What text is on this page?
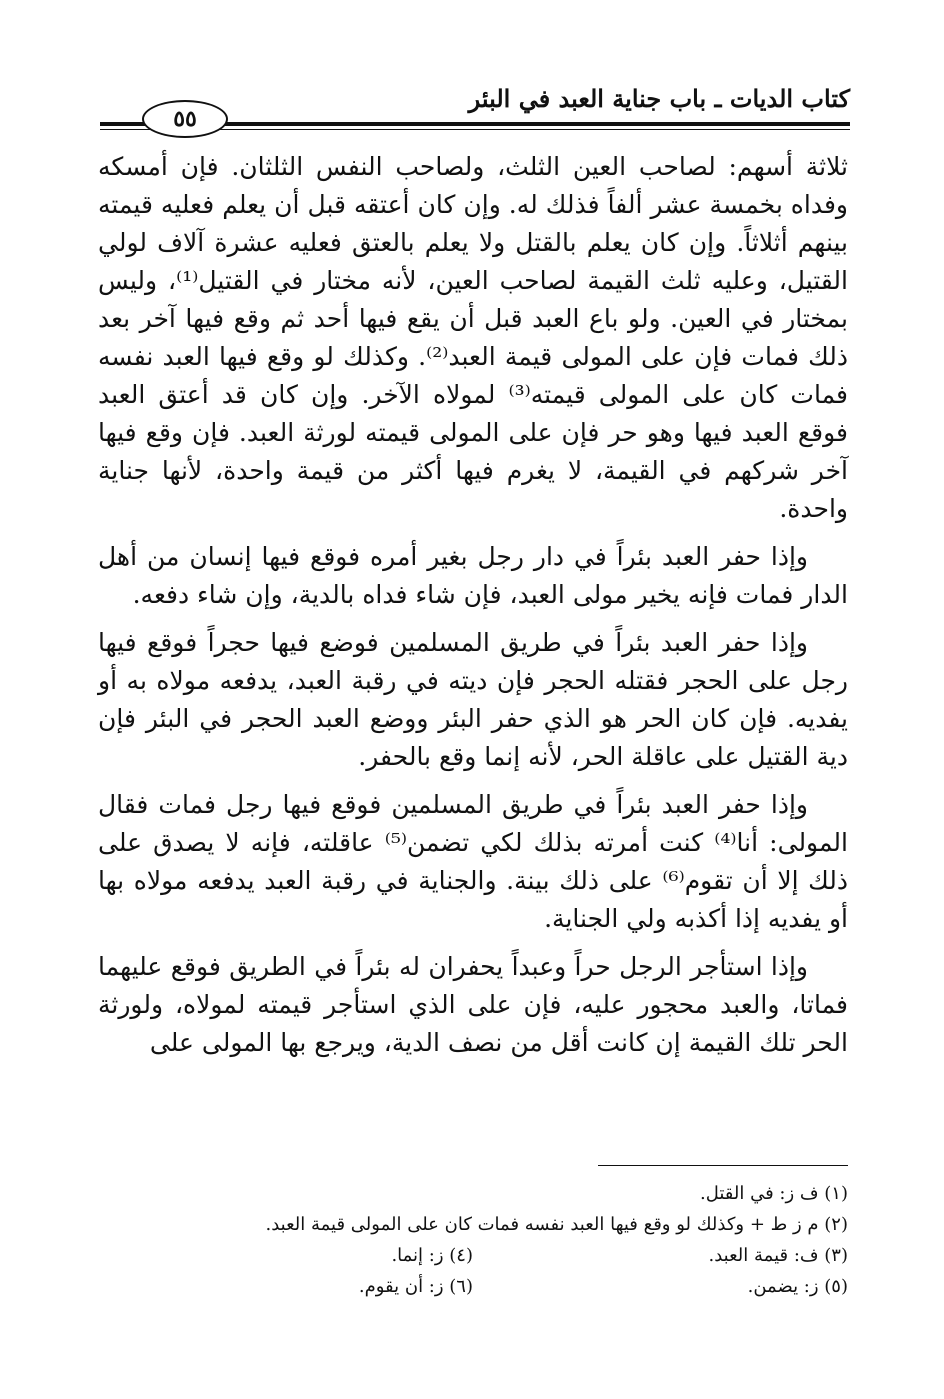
كتاب الديات ـ باب جناية العبد في البئر
٥٥

ثلاثة أسهم: لصاحب العين الثلث، ولصاحب النفس الثلثان. فإن أمسكه وفداه بخمسة عشر ألفاً فذلك له. وإن كان أعتقه قبل أن يعلم فعليه قيمته بينهم أثلاثاً. وإن كان يعلم بالقتل ولا يعلم بالعتق فعليه عشرة آلاف لولي القتيل، وعليه ثلث القيمة لصاحب العين، لأنه مختار في القتيل⁽¹⁾، وليس بمختار في العين. ولو باع العبد قبل أن يقع فيها أحد ثم وقع فيها آخر بعد ذلك فمات فإن على المولى قيمة العبد⁽²⁾. وكذلك لو وقع فيها العبد نفسه فمات كان على المولى قيمته⁽³⁾ لمولاه الآخر. وإن كان قد أعتق العبد فوقع العبد فيها وهو حر فإن على المولى قيمته لورثة العبد. فإن وقع فيها آخر شركهم في القيمة، لا يغرم فيها أكثر من قيمة واحدة، لأنها جناية واحدة.

وإذا حفر العبد بئراً في دار رجل بغير أمره فوقع فيها إنسان من أهل الدار فمات فإنه يخير مولى العبد، فإن شاء فداه بالدية، وإن شاء دفعه.

وإذا حفر العبد بئراً في طريق المسلمين فوضع فيها حجراً فوقع فيها رجل على الحجر فقتله الحجر فإن ديته في رقبة العبد، يدفعه مولاه به أو يفديه. فإن كان الحر هو الذي حفر البئر ووضع العبد الحجر في البئر فإن دية القتيل على عاقلة الحر، لأنه إنما وقع بالحفر.

وإذا حفر العبد بئراً في طريق المسلمين فوقع فيها رجل فمات فقال المولى: أنا⁽⁴⁾ كنت أمرته بذلك لكي تضمن⁽⁵⁾ عاقلته، فإنه لا يصدق على ذلك إلا أن تقوم⁽⁶⁾ على ذلك بينة. والجناية في رقبة العبد يدفعه مولاه بها أو يفديه إذا أكذبه ولي الجناية.

وإذا استأجر الرجل حراً وعبداً يحفران له بئراً في الطريق فوقع عليهما فماتا، والعبد محجور عليه، فإن على الذي استأجر قيمته لمولاه، ولورثة الحر تلك القيمة إن كانت أقل من نصف الدية، ويرجع بها المولى على

(١) ف ز: في القتل.
(٢) م ز ط + وكذلك لو وقع فيها العبد نفسه فمات كان على المولى قيمة العبد.
(٣) ف: قيمة العبد.
(٤) ز: إنما.
(٥) ز: يضمن.
(٦) ز: أن يقوم.
